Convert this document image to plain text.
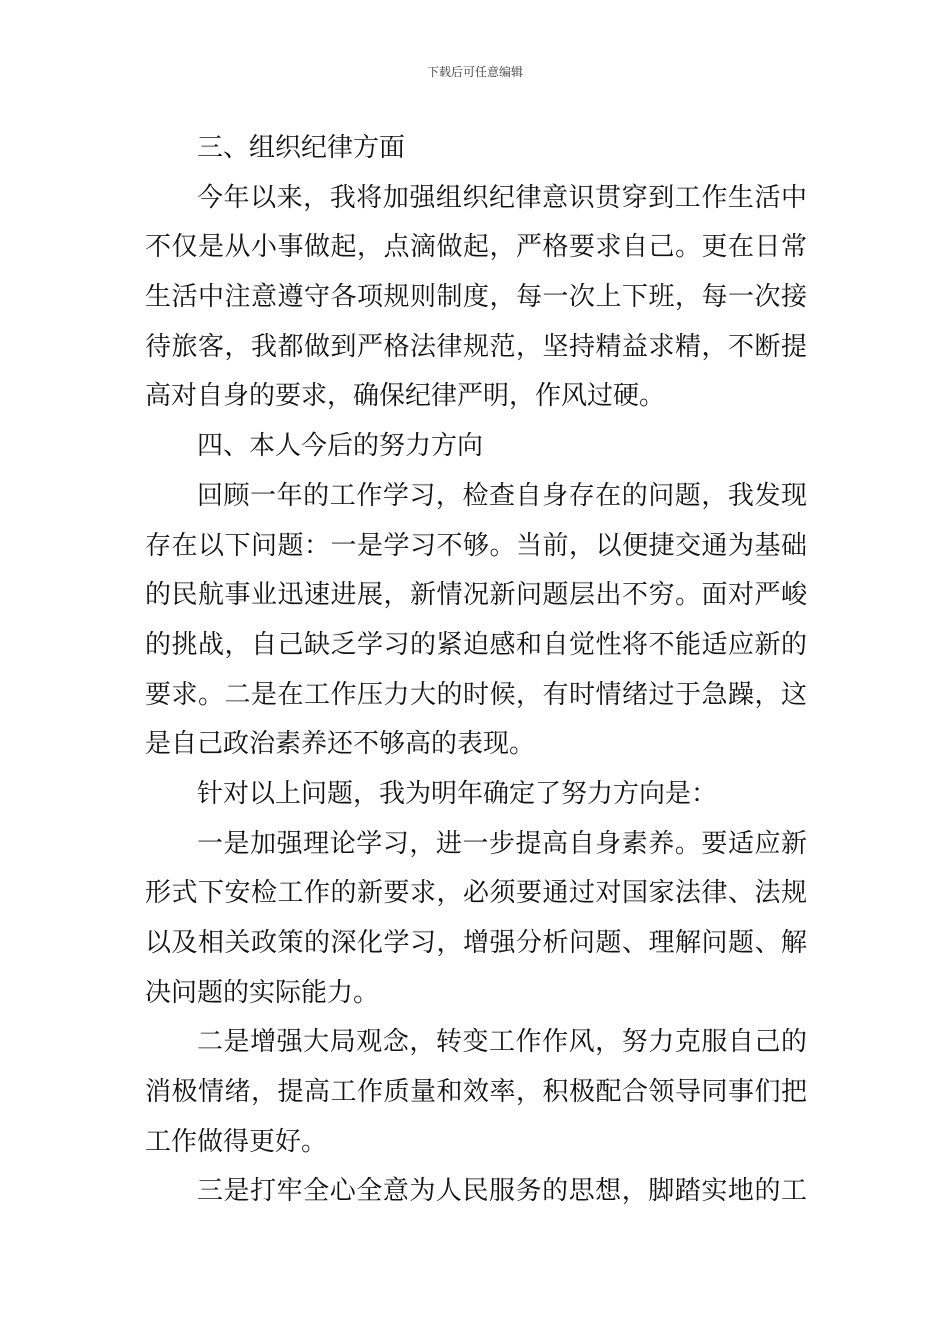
下载后可任意编辑
三、组织纪律方面
今年以来，我将加强组织纪律意识贯穿到工作生活中
不仅是从小事做起，点滴做起，严格要求自己。更在日常
生活中注意遵守各项规则制度，每一次上下班，每一次接
待旅客，我都做到严格法律规范，坚持精益求精，不断提
高对自身的要求，确保纪律严明，作风过硬。
四、本人今后的努力方向
回顾一年的工作学习，检查自身存在的问题，我发现
存在以下问题：一是学习不够。当前，以便捷交通为基础
的民航事业迅速进展，新情况新问题层出不穷。面对严峻
的挑战，自己缺乏学习的紧迫感和自觉性将不能适应新的
要求。二是在工作压力大的时候，有时情绪过于急躁，这
是自己政治素养还不够高的表现。
针对以上问题，我为明年确定了努力方向是：
一是加强理论学习，进一步提高自身素养。要适应新
形式下安检工作的新要求，必须要通过对国家法律、法规
以及相关政策的深化学习，增强分析问题、理解问题、解
决问题的实际能力。
二是增强大局观念，转变工作作风，努力克服自己的
消极情绪，提高工作质量和效率，积极配合领导同事们把
工作做得更好。
三是打牢全心全意为人民服务的思想，脚踏实地的工
